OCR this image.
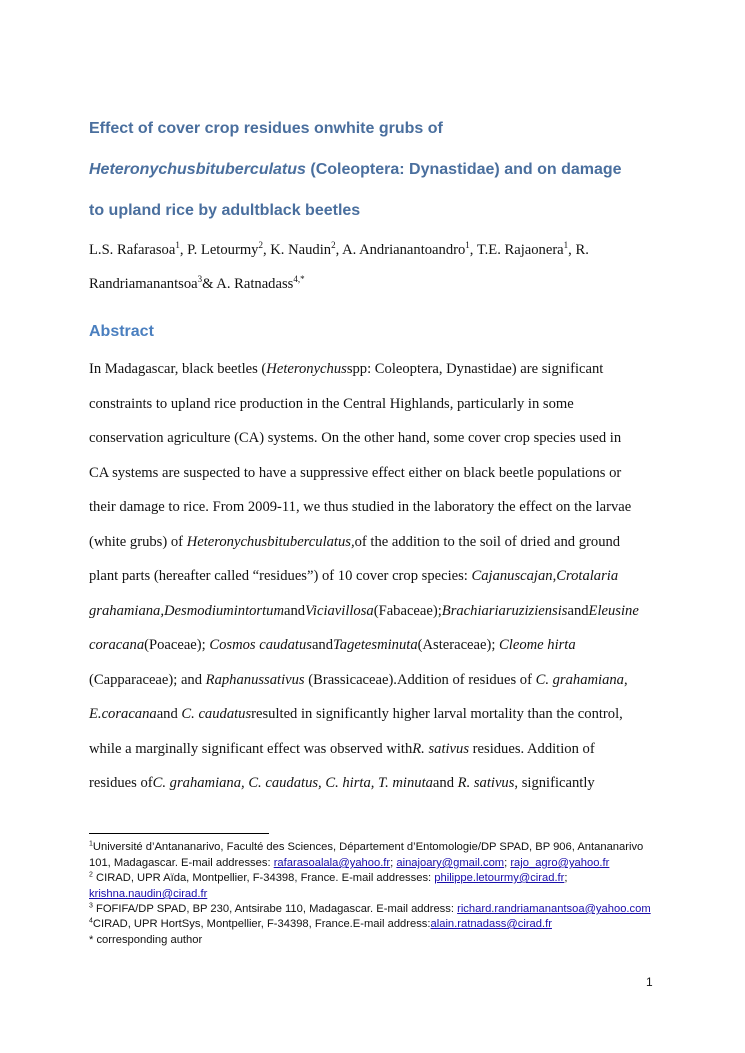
Effect of cover crop residues onwhite grubs of
Heteronychusbituberculatus (Coleoptera: Dynastidae) and on damage
to upland rice by adultblack beetles
L.S. Rafarasoa$^1$, P. Letourmy$^2$, K. Naudin$^2$, A. Andrianantoandro$^1$, T.E. Rajaonera$^1$, R.
Randriamanantsoa$^3$& A. Ratnadass$^{4,*}$
Abstract
In Madagascar, black beetles (Heteronychusspp: Coleoptera, Dynastidae) are significant
constraints to upland rice production in the Central Highlands, particularly in some
conservation agriculture (CA) systems. On the other hand, some cover crop species used in
CA systems are suspected to have a suppressive effect either on black beetle populations or
their damage to rice. From 2009-11, we thus studied in the laboratory the effect on the larvae
(white grubs) of Heteronychusbituberculatus,of the addition to the soil of dried and ground
plant parts (hereafter called “residues”) of 10 cover crop species: Cajanuscajan,Crotalaria
grahamiana,DesmodiumintortumandViciavillosa(Fabaceae);BrachiariaruziziensisandEleusine
coracana(Poaceae); Cosmos caudatusandTagetesminuta(Asteraceae); Cleome hirta
(Capparaceae); and Raphanussativus (Brassicaceae).Addition of residues of C. grahamiana,
E.coracanaand C. caudatusresulted in significantly higher larval mortality than the control,
while a marginally significant effect was observed withR. sativus residues. Addition of
residues ofC. grahamiana, C. caudatus, C. hirta, T. minutaand R. sativus, significantly
$^1$Université d’Antananarivo, Faculté des Sciences, Département d’Entomologie/DP SPAD, BP 906, Antananarivo
101, Madagascar. E-mail addresses: rafarasoalala@yahoo.fr; ainajoary@gmail.com; rajo_agro@yahoo.fr
$^2$ CIRAD, UPR Aïda, Montpellier, F-34398, France. E-mail addresses: philippe.letourmy@cirad.fr;
krishna.naudin@cirad.fr
$^3$ FOFIFA/DP SPAD, BP 230, Antsirabe 110, Madagascar. E-mail address: richard.randriamanantsoa@yahoo.com
$^4$CIRAD, UPR HortSys, Montpellier, F-34398, France.E-mail address:alain.ratnadass@cirad.fr
* corresponding author
1
